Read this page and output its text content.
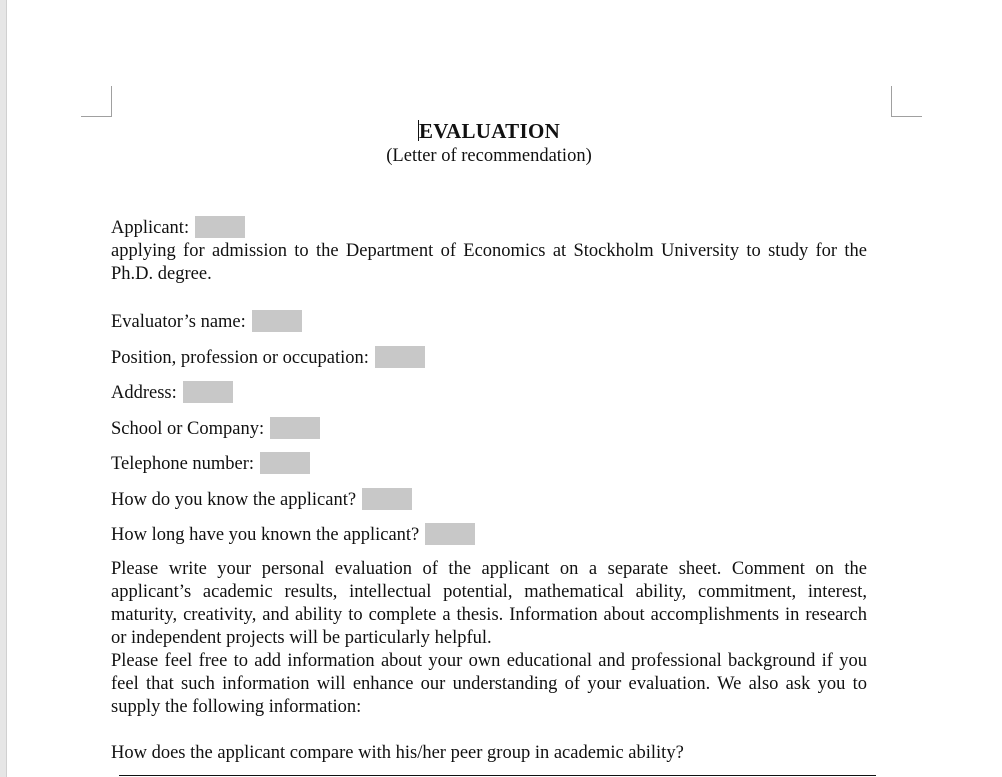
EVALUATION
(Letter of recommendation)
Applicant:
applying for admission to the Department of Economics at Stockholm University to study for the Ph.D. degree.
Evaluator’s name:
Position, profession or occupation:
Address:
School or Company:
Telephone number:
How do you know the applicant?
How long have you known the applicant?
Please write your personal evaluation of the applicant on a separate sheet. Comment on the applicant’s academic results, intellectual potential, mathematical ability, commitment, interest, maturity, creativity, and ability to complete a thesis. Information about accomplishments in research or independent projects will be particularly helpful.
Please feel free to add information about your own educational and professional background if you feel that such information will enhance our understanding of your evaluation. We also ask you to supply the following information:
How does the applicant compare with his/her peer group in academic ability?
